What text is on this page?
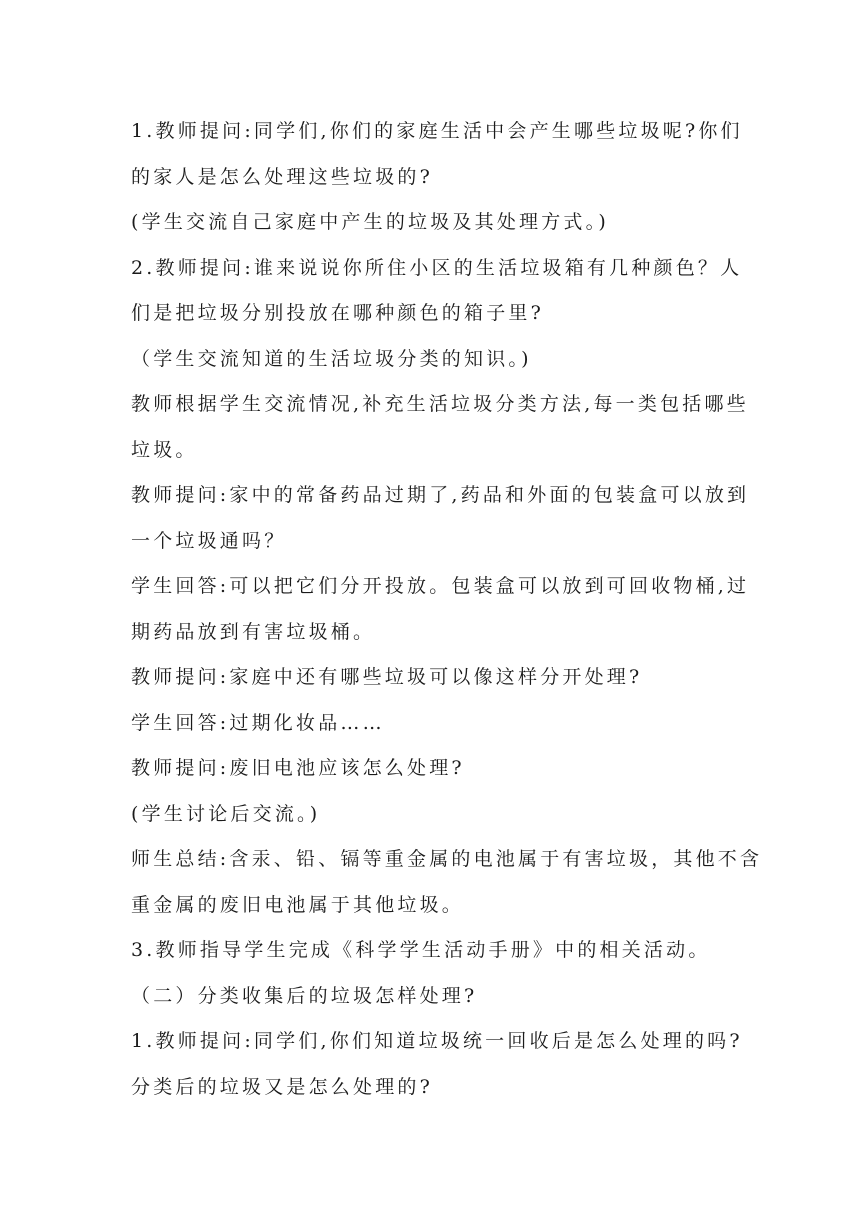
1.教师提问:同学们,你们的家庭生活中会产生哪些垃圾呢?你们
的家人是怎么处理这些垃圾的?
(学生交流自己家庭中产生的垃圾及其处理方式。)
2.教师提问:谁来说说你所住小区的生活垃圾箱有几种颜色？人
们是把垃圾分别投放在哪种颜色的箱子里?
（学生交流知道的生活垃圾分类的知识。)
教师根据学生交流情况,补充生活垃圾分类方法,每一类包括哪些
垃圾。
教师提问:家中的常备药品过期了,药品和外面的包装盒可以放到
一个垃圾通吗？
学生回答:可以把它们分开投放。包装盒可以放到可回收物桶,过
期药品放到有害垃圾桶。
教师提问:家庭中还有哪些垃圾可以像这样分开处理?
学生回答:过期化妆品……
教师提问:废旧电池应该怎么处理?
(学生讨论后交流。)
师生总结:含汞、铅、镉等重金属的电池属于有害垃圾，其他不含
重金属的废旧电池属于其他垃圾。
3.教师指导学生完成《科学学生活动手册》中的相关活动。
（二）分类收集后的垃圾怎样处理?
1.教师提问:同学们,你们知道垃圾统一回收后是怎么处理的吗?
分类后的垃圾又是怎么处理的?
